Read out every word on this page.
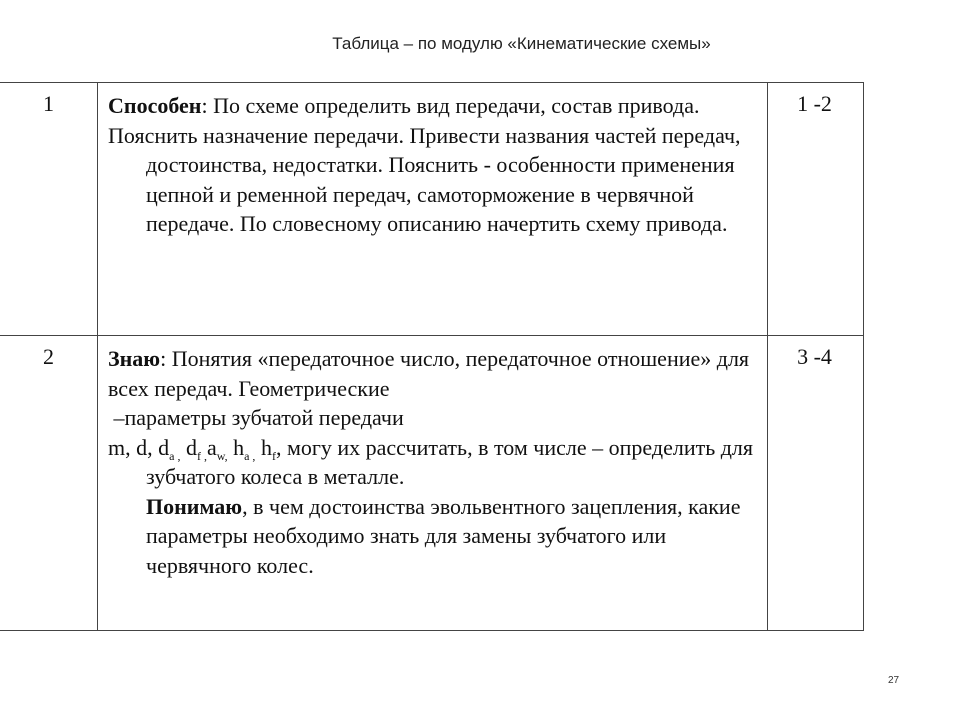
Таблица – по модулю «Кинематические схемы»
1	Способен: По схеме определить вид передачи, состав привода.

Пояснить назначение передачи. Привести названия частей передач, достоинства, недостатки. Пояснить - особенности применения цепной и ременной передач, самоторможение в червячной передаче. По словесному описанию начертить схему привода.

1 -2
2	Знаю: Понятия «передаточное число, передаточное отношение» для всех передач. Геометрические

–параметры зубчатой передачи

m, d, $d_{a ,}$ $d_{f ,}a_{w,}$ $h_{a ,}$ $h_f$, могу их рассчитать, в том числе – определить для зубчатого колеса в металле.

Понимаю, в чем достоинства эвольвентного зацепления, какие параметры необходимо знать для замены зубчатого или червячного колес.

3 -4
27
